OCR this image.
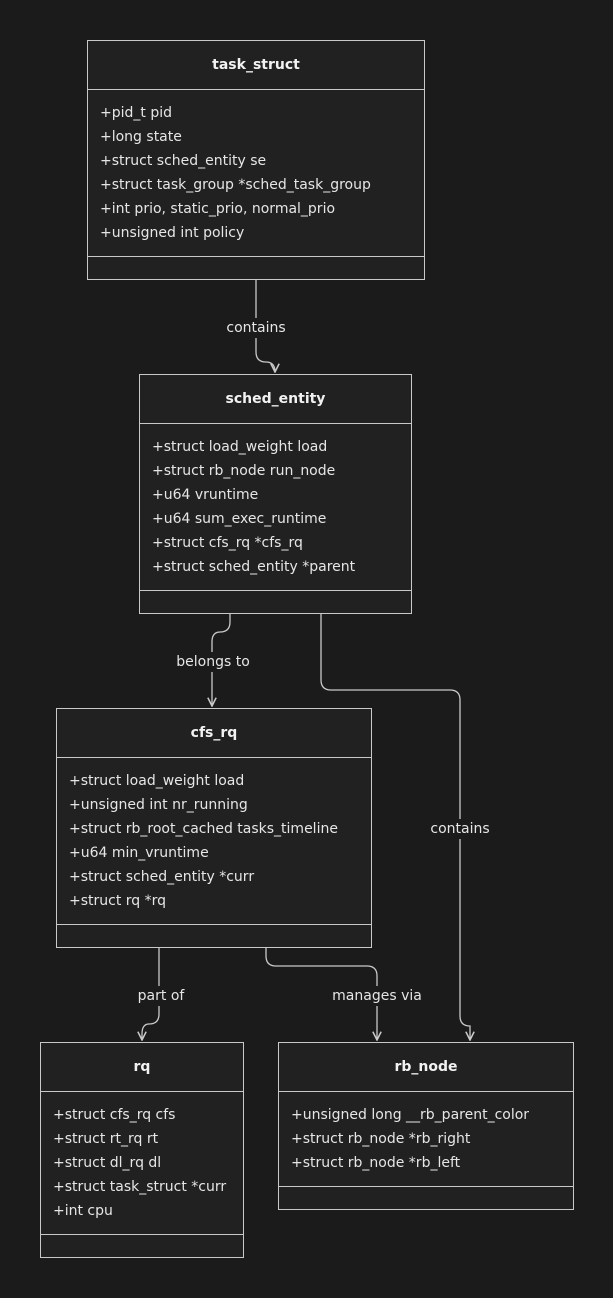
task_struct
+pid_t pid
+long state
+struct sched_entity se
+struct task_group *sched_task_group
+int prio, static_prio, normal_prio
+unsigned int policy
sched_entity
+struct load_weight load
+struct rb_node run_node
+u64 vruntime
+u64 sum_exec_runtime
+struct cfs_rq *cfs_rq
+struct sched_entity *parent
cfs_rq
+struct load_weight load
+unsigned int nr_running
+struct rb_root_cached tasks_timeline
+u64 min_vruntime
+struct sched_entity *curr
+struct rq *rq
rq
+struct cfs_rq cfs
+struct rt_rq rt
+struct dl_rq dl
+struct task_struct *curr
+int cpu
rb_node
+unsigned long __rb_parent_color
+struct rb_node *rb_right
+struct rb_node *rb_left
contains
belongs to
contains
part of	manages via
